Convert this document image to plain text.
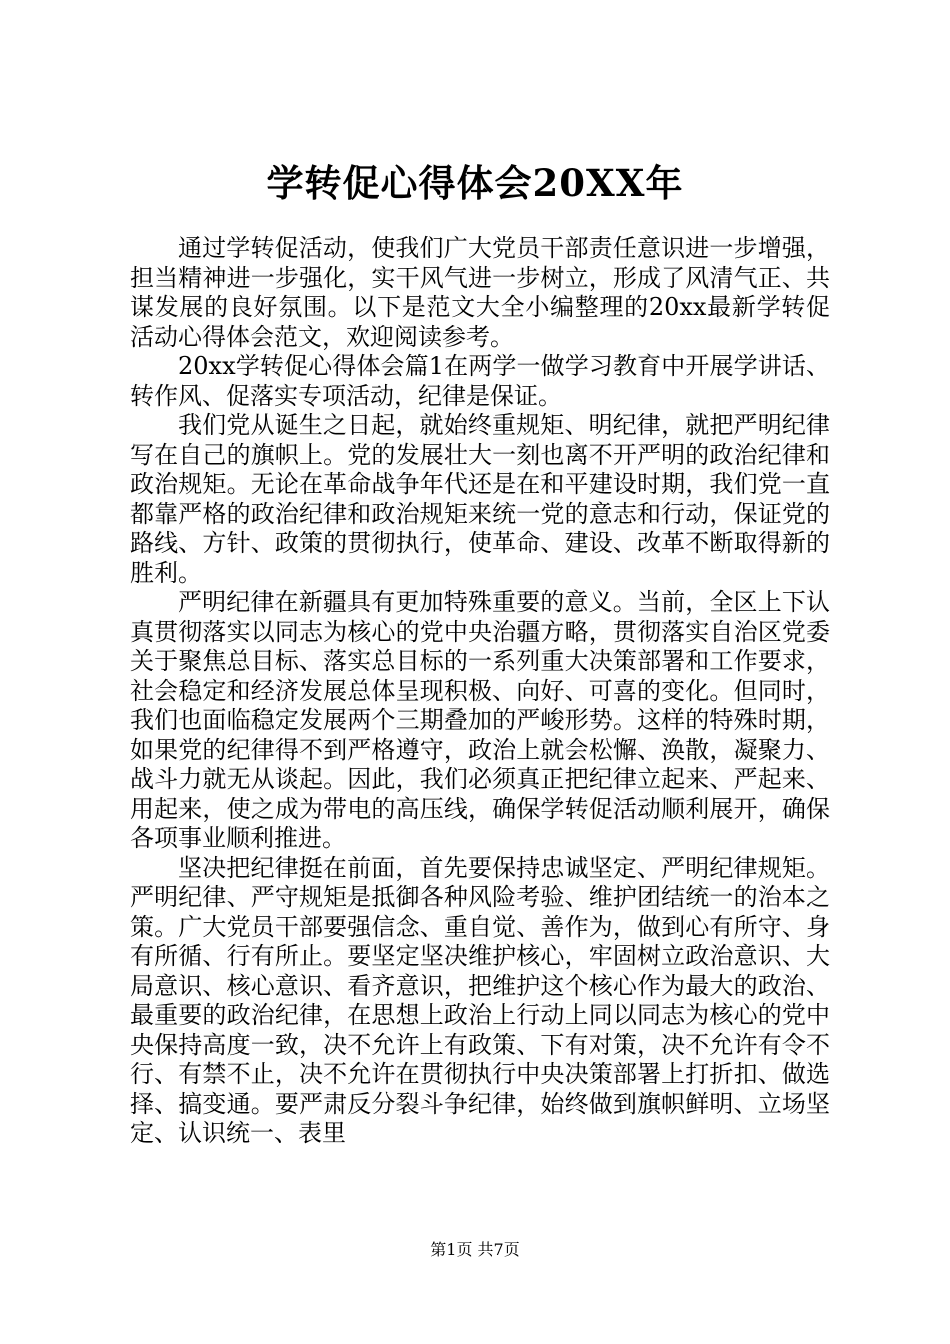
学转促心得体会20XX年

通过学转促活动，使我们广大党员干部责任意识进一步增强，担当精神进一步强化，实干风气进一步树立，形成了风清气正、共谋发展的良好氛围。以下是范文大全小编整理的20xx最新学转促活动心得体会范文，欢迎阅读参考。

20xx学转促心得体会篇1在两学一做学习教育中开展学讲话、转作风、促落实专项活动，纪律是保证。

我们党从诞生之日起，就始终重规矩、明纪律，就把严明纪律写在自己的旗帜上。党的发展壮大一刻也离不开严明的政治纪律和政治规矩。无论在革命战争年代还是在和平建设时期，我们党一直都靠严格的政治纪律和政治规矩来统一党的意志和行动，保证党的路线、方针、政策的贯彻执行，使革命、建设、改革不断取得新的胜利。

严明纪律在新疆具有更加特殊重要的意义。当前，全区上下认真贯彻落实以同志为核心的党中央治疆方略，贯彻落实自治区党委关于聚焦总目标、落实总目标的一系列重大决策部署和工作要求，社会稳定和经济发展总体呈现积极、向好、可喜的变化。但同时，我们也面临稳定发展两个三期叠加的严峻形势。这样的特殊时期，如果党的纪律得不到严格遵守，政治上就会松懈、涣散，凝聚力、战斗力就无从谈起。因此，我们必须真正把纪律立起来、严起来、用起来，使之成为带电的高压线，确保学转促活动顺利展开，确保各项事业顺利推进。

坚决把纪律挺在前面，首先要保持忠诚坚定、严明纪律规矩。严明纪律、严守规矩是抵御各种风险考验、维护团结统一的治本之策。广大党员干部要强信念、重自觉、善作为，做到心有所守、身有所循、行有所止。要坚定坚决维护核心，牢固树立政治意识、大局意识、核心意识、看齐意识，把维护这个核心作为最大的政治、最重要的政治纪律，在思想上政治上行动上同以同志为核心的党中央保持高度一致，决不允许上有政策、下有对策，决不允许有令不行、有禁不止，决不允许在贯彻执行中央决策部署上打折扣、做选择、搞变通。要严肃反分裂斗争纪律，始终做到旗帜鲜明、立场坚定、认识统一、表里

第1页 共7页
